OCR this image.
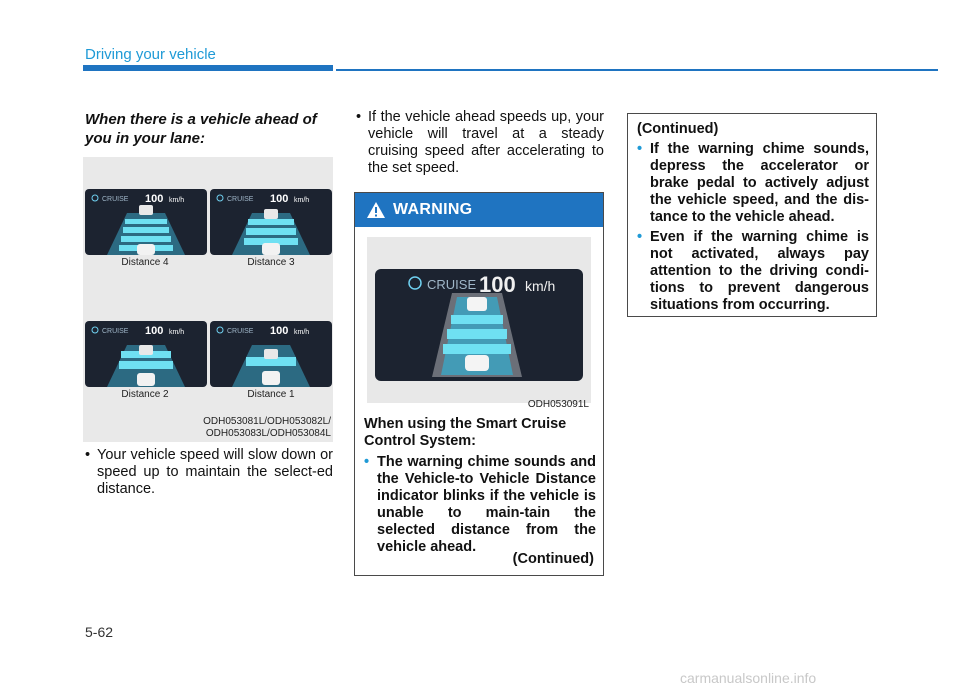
Driving your vehicle
When there is a vehicle ahead of you in your lane:
CRUISE 100 km/h
Distance 4
CRUISE 100 km/h
Distance 3
CRUISE 100 km/h
Distance 2
CRUISE 100 km/h
Distance 1
ODH053081L/ODH053082L/
ODH053083L/ODH053084L
• Your vehicle speed will slow down or speed up to maintain the select-ed distance.
• If the vehicle ahead speeds up, your vehicle will travel at a steady cruising speed after accelerating to the set speed.
WARNING
CRUISE 100 km/h
ODH053091L
When using the Smart Cruise Control System:
• The warning chime sounds and the Vehicle-to Vehicle Distance indicator blinks if the vehicle is unable to main-tain the selected distance from the vehicle ahead.
(Continued)
(Continued)
• If the warning chime sounds, depress the accelerator or brake pedal to actively adjust the vehicle speed, and the dis-tance to the vehicle ahead.
• Even if the warning chime is not activated, always pay attention to the driving condi-tions to prevent dangerous situations from occurring.
5-62
carmanualsonline.info
